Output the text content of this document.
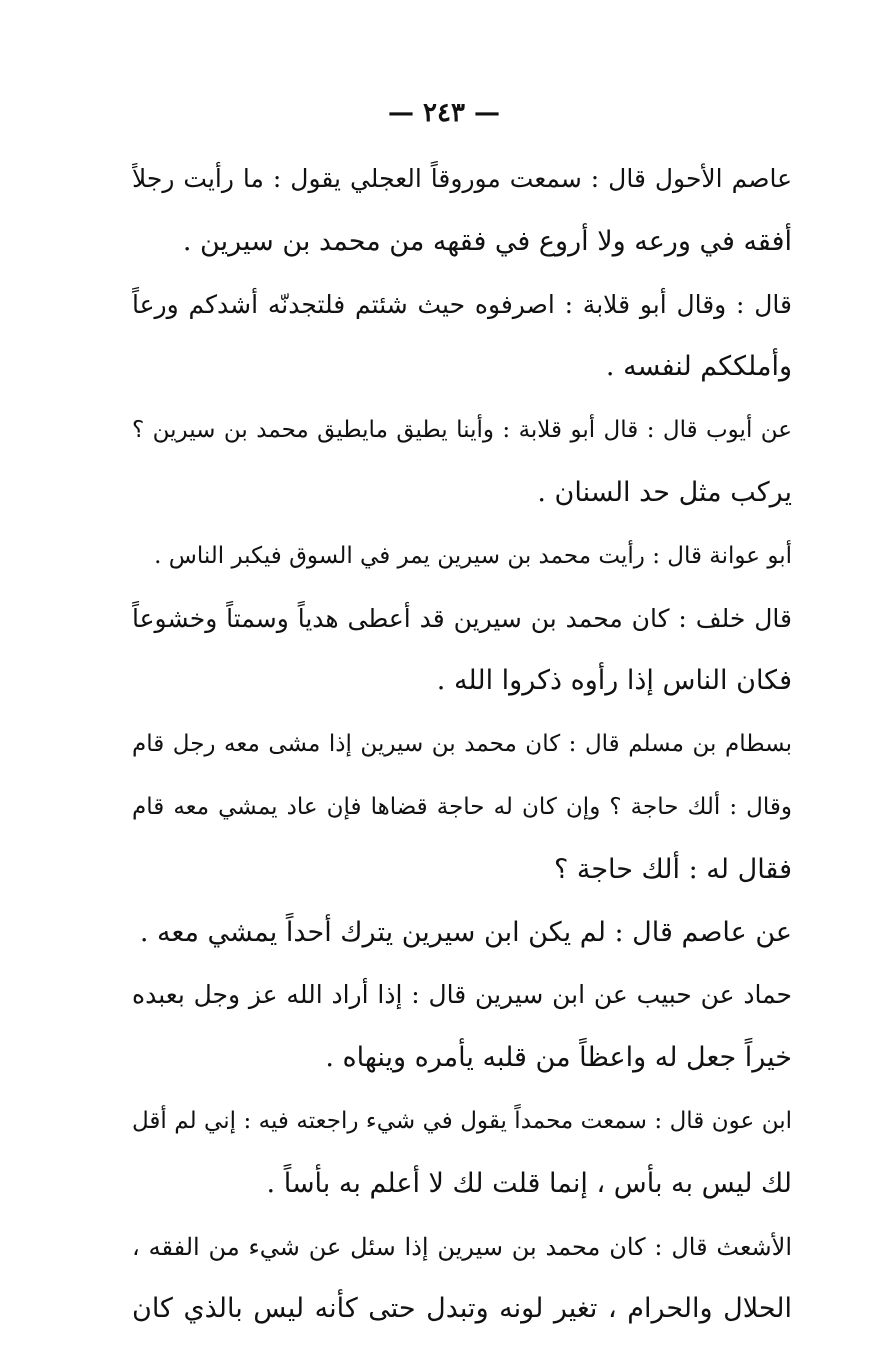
— ٢٤٣ —
عاصم الأحول قال : سمعت موروقاً العجلي يقول : ما رأيت رجلاً
أفقه في ورعه ولا أروع في فقهه من محمد بن سيرين .
قال : وقال أبو قلابة : اصرفوه حيث شئتم فلتجدنّه أشدكم ورعاً
وأملككم لنفسه .
عن أيوب قال : قال أبو قلابة : وأينا يطيق مايطيق محمد بن سيرين ؟
يركب مثل حد السنان .
أبو عوانة قال : رأيت محمد بن سيرين يمر في السوق فيكبر الناس .
قال خلف : كان محمد بن سيرين قد أعطى هدياً وسمتاً وخشوعاً
فكان الناس إذا رأوه ذكروا الله .
بسطام بن مسلم قال : كان محمد بن سيرين إذا مشى معه رجل قام
وقال : ألك حاجة ؟ وإن كان له حاجة قضاها فإن عاد يمشي معه قام
فقال له : ألك حاجة ؟
عن عاصم قال : لم يكن ابن سيرين يترك أحداً يمشي معه .
حماد عن حبيب عن ابن سيرين قال : إذا أراد الله عز وجل بعبده
خيراً جعل له واعظاً من قلبه يأمره وينهاه .
ابن عون قال : سمعت محمداً يقول في شيء راجعته فيه : إني لم أقل
لك ليس به بأس ، إنما قلت لك لا أعلم به بأساً .
الأشعث قال : كان محمد بن سيرين إذا سئل عن شيء من الفقه ،
الحلال والحرام ، تغير لونه وتبدل حتى كأنه ليس بالذي كان
